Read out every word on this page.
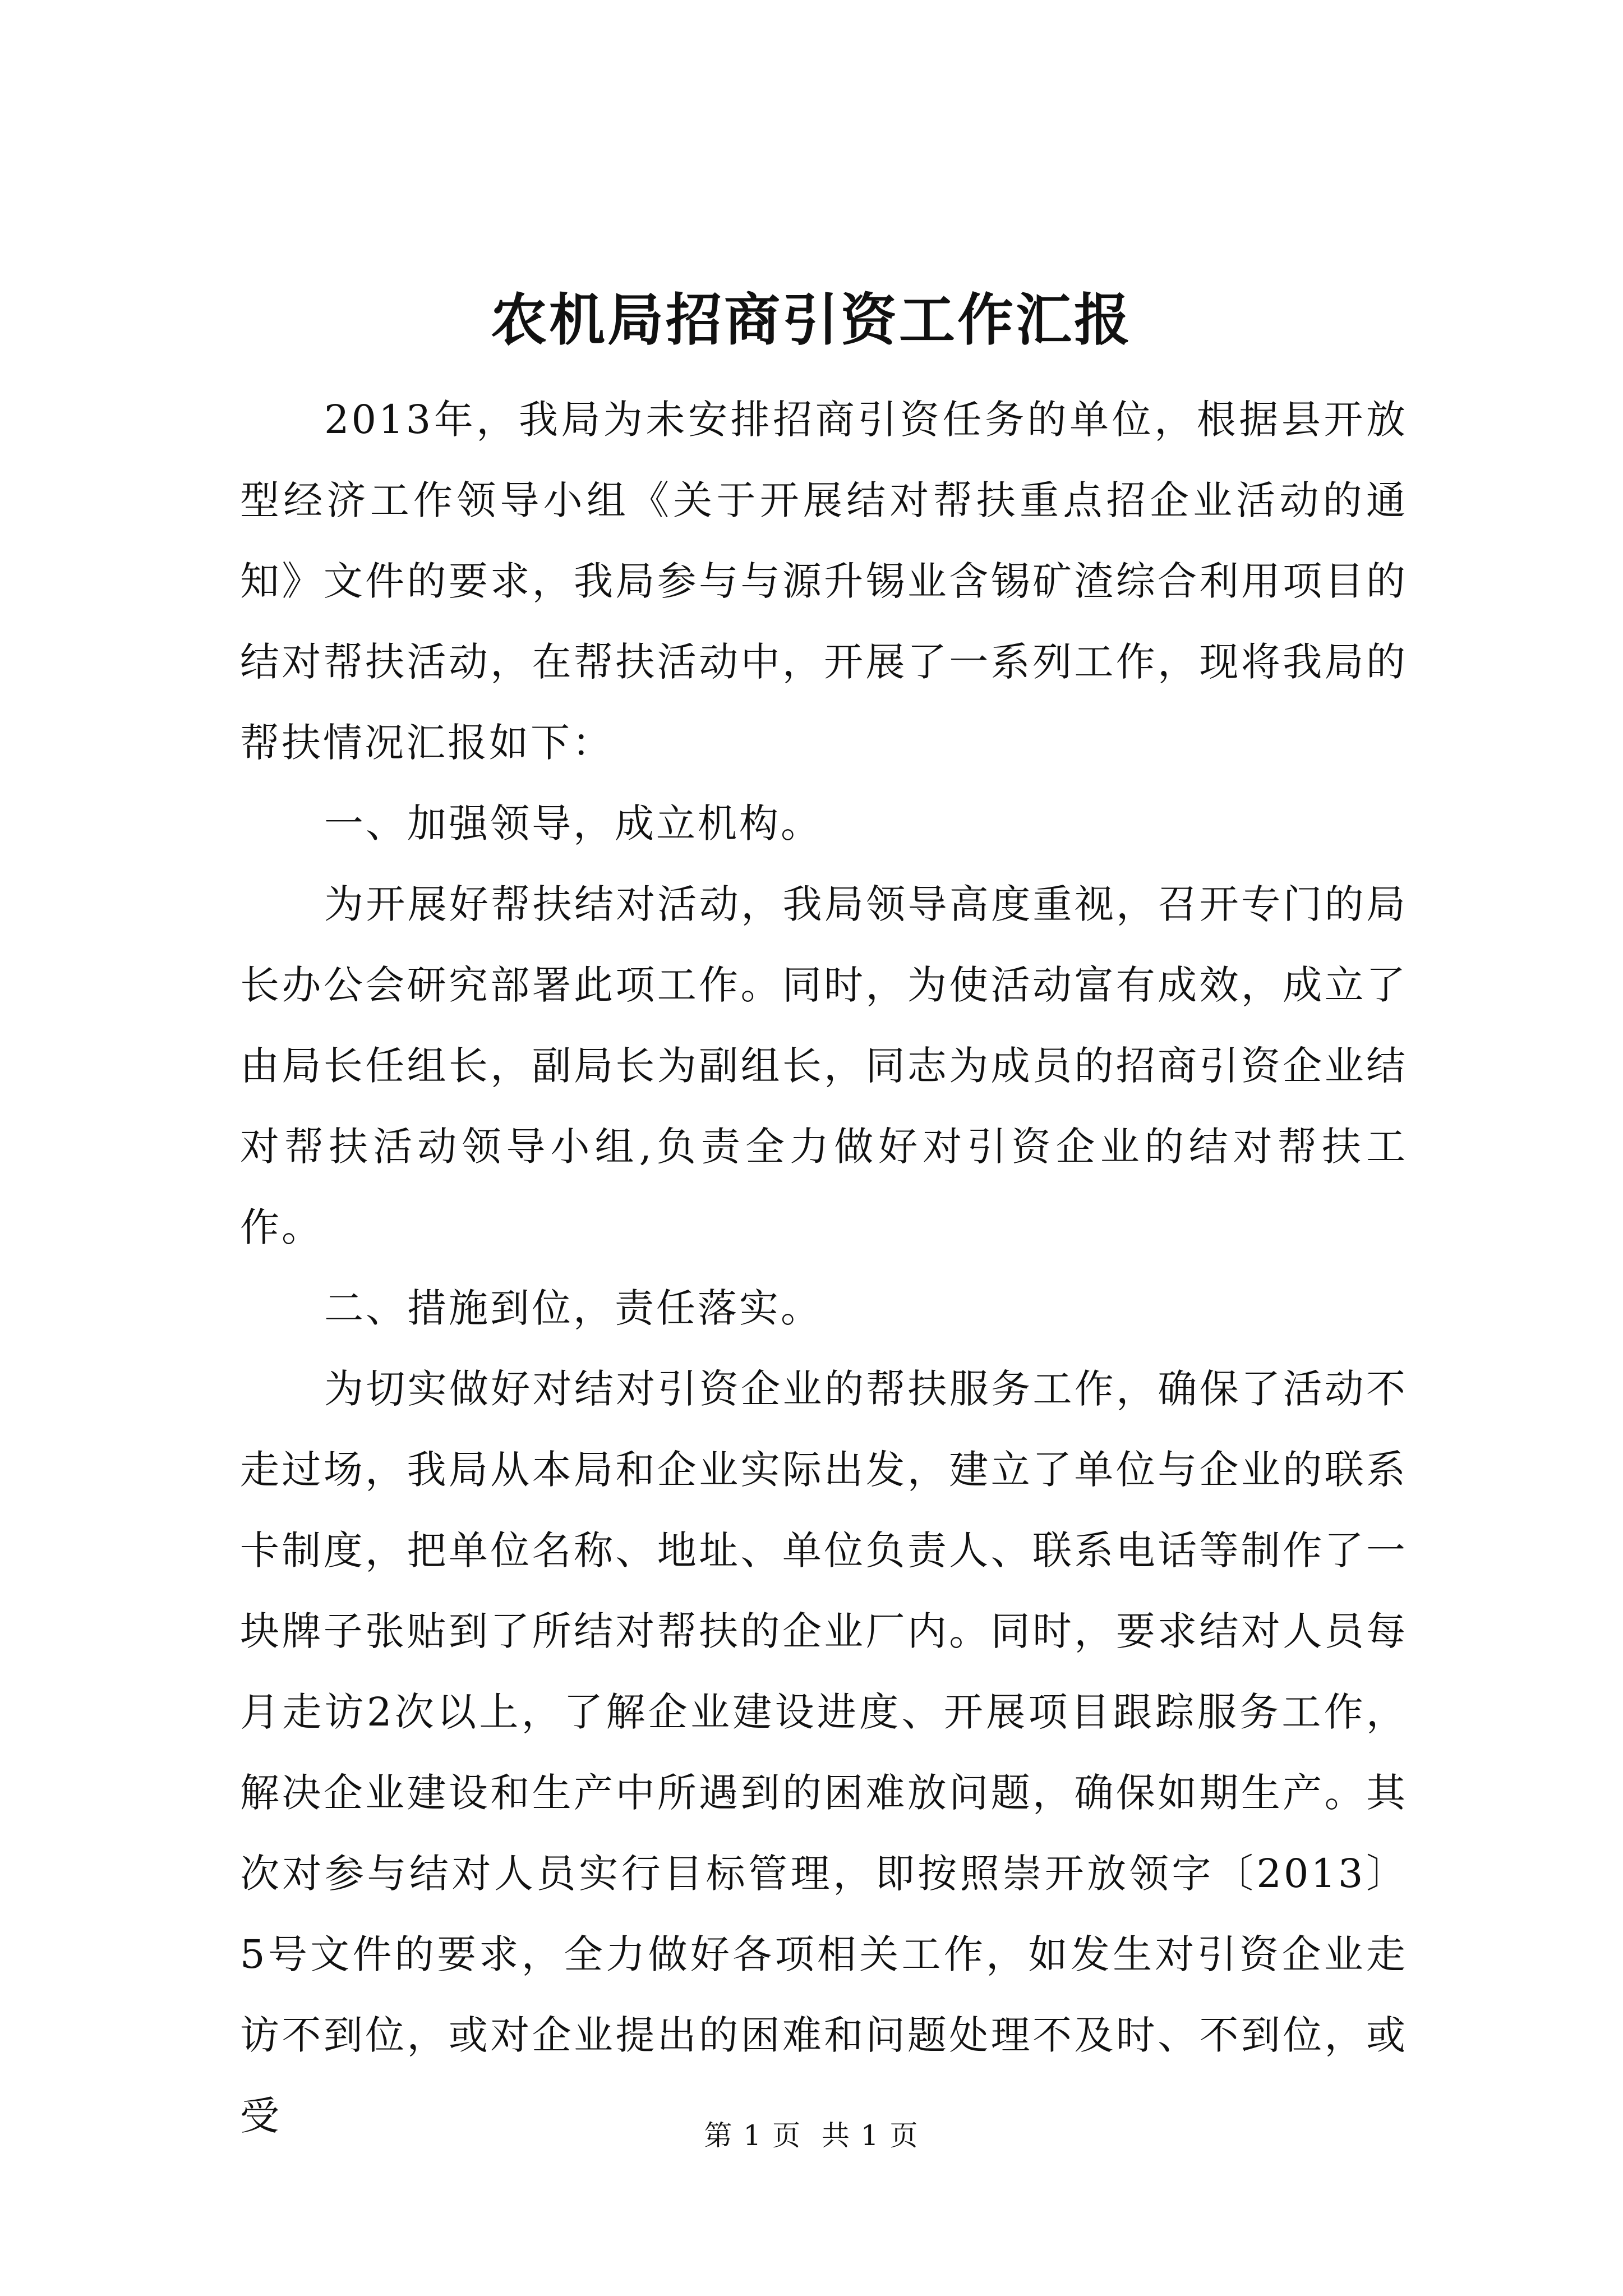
农机局招商引资工作汇报

2013年，我局为未安排招商引资任务的单位，根据县开放型经济工作领导小组《关于开展结对帮扶重点招企业活动的通知》文件的要求，我局参与与源升锡业含锡矿渣综合利用项目的结对帮扶活动，在帮扶活动中，开展了一系列工作，现将我局的帮扶情况汇报如下：

一、加强领导，成立机构。

为开展好帮扶结对活动，我局领导高度重视，召开专门的局长办公会研究部署此项工作。同时，为使活动富有成效，成立了由局长任组长，副局长为副组长，同志为成员的招商引资企业结对帮扶活动领导小组,负责全力做好对引资企业的结对帮扶工作。

二、措施到位，责任落实。

为切实做好对结对引资企业的帮扶服务工作，确保了活动不走过场，我局从本局和企业实际出发，建立了单位与企业的联系卡制度，把单位名称、地址、单位负责人、联系电话等制作了一块牌子张贴到了所结对帮扶的企业厂内。同时，要求结对人员每月走访2次以上，了解企业建设进度、开展项目跟踪服务工作，解决企业建设和生产中所遇到的困难放问题，确保如期生产。其次对参与结对人员实行目标管理，即按照崇开放领字〔2013〕5号文件的要求，全力做好各项相关工作，如发生对引资企业走访不到位，或对企业提出的困难和问题处理不及时、不到位，或受	第 1 页  共 1 页
